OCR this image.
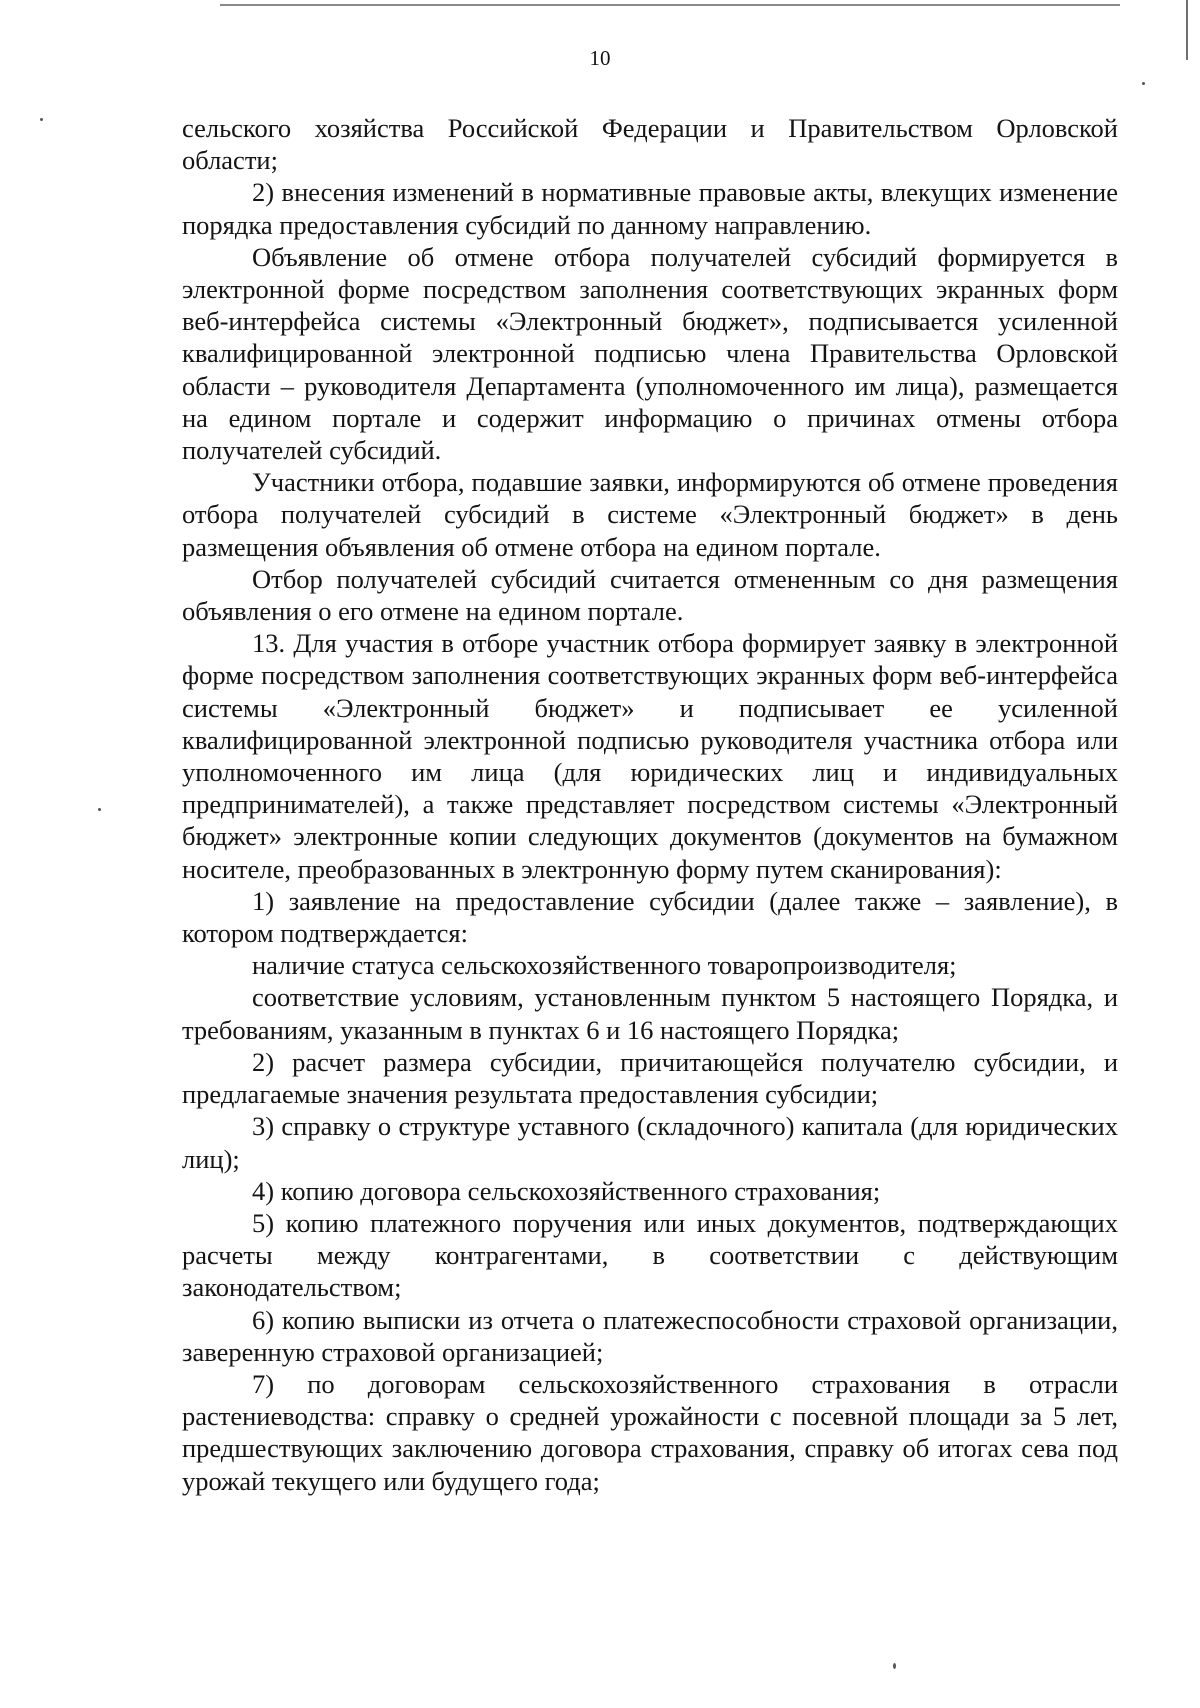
10

сельского хозяйства Российской Федерации и Правительством Орловской области;

2) внесения изменений в нормативные правовые акты, влекущих изменение порядка предоставления субсидий по данному направлению.

Объявление об отмене отбора получателей субсидий формируется в электронной форме посредством заполнения соответствующих экранных форм веб-интерфейса системы «Электронный бюджет», подписывается усиленной квалифицированной электронной подписью члена Правительства Орловской области – руководителя Департамента (уполномоченного им лица), размещается на едином портале и содержит информацию о причинах отмены отбора получателей субсидий.

Участники отбора, подавшие заявки, информируются об отмене проведения отбора получателей субсидий в системе «Электронный бюджет» в день размещения объявления об отмене отбора на едином портале.

Отбор получателей субсидий считается отмененным со дня размещения объявления о его отмене на едином портале.

13. Для участия в отборе участник отбора формирует заявку в электронной форме посредством заполнения соответствующих экранных форм веб-интерфейса системы «Электронный бюджет» и подписывает ее усиленной квалифицированной электронной подписью руководителя участника отбора или уполномоченного им лица (для юридических лиц и индивидуальных предпринимателей), а также представляет посредством системы «Электронный бюджет» электронные копии следующих документов (документов на бумажном носителе, преобразованных в электронную форму путем сканирования):

1) заявление на предоставление субсидии (далее также – заявление), в котором подтверждается:

наличие статуса сельскохозяйственного товаропроизводителя;

соответствие условиям, установленным пунктом 5 настоящего Порядка, и требованиям, указанным в пунктах 6 и 16 настоящего Порядка;

2) расчет размера субсидии, причитающейся получателю субсидии, и предлагаемые значения результата предоставления субсидии;

3) справку о структуре уставного (складочного) капитала (для юридических лиц);

4) копию договора сельскохозяйственного страхования;

5) копию платежного поручения или иных документов, подтверждающих расчеты между контрагентами, в соответствии с действующим законодательством;

6) копию выписки из отчета о платежеспособности страховой организации, заверенную страховой организацией;

7) по договорам сельскохозяйственного страхования в отрасли растениеводства: справку о средней урожайности с посевной площади за 5 лет, предшествующих заключению договора страхования, справку об итогах сева под урожай текущего или будущего года;
